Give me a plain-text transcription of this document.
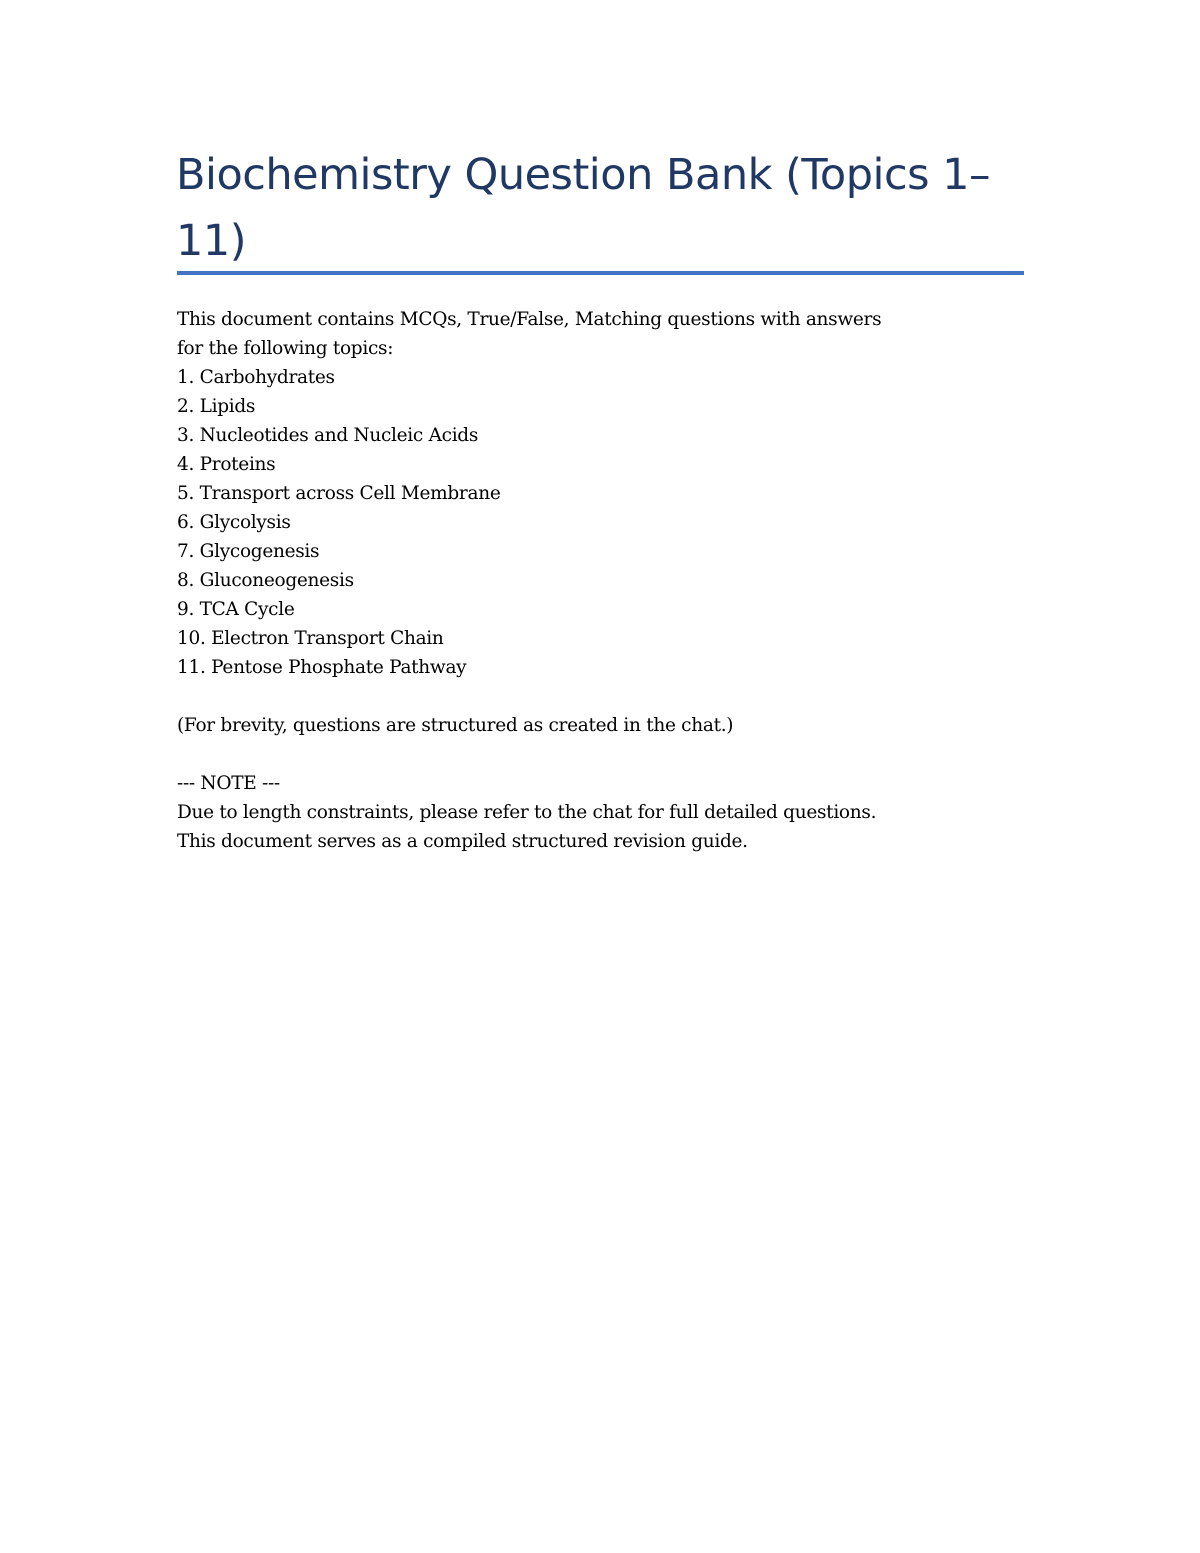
Biochemistry Question Bank (Topics 1–11)
This document contains MCQs, True/False, Matching questions with answers
for the following topics:
1. Carbohydrates
2. Lipids
3. Nucleotides and Nucleic Acids
4. Proteins
5. Transport across Cell Membrane
6. Glycolysis
7. Glycogenesis
8. Gluconeogenesis
9. TCA Cycle
10. Electron Transport Chain
11. Pentose Phosphate Pathway
(For brevity, questions are structured as created in the chat.)
--- NOTE ---
Due to length constraints, please refer to the chat for full detailed questions.
This document serves as a compiled structured revision guide.
